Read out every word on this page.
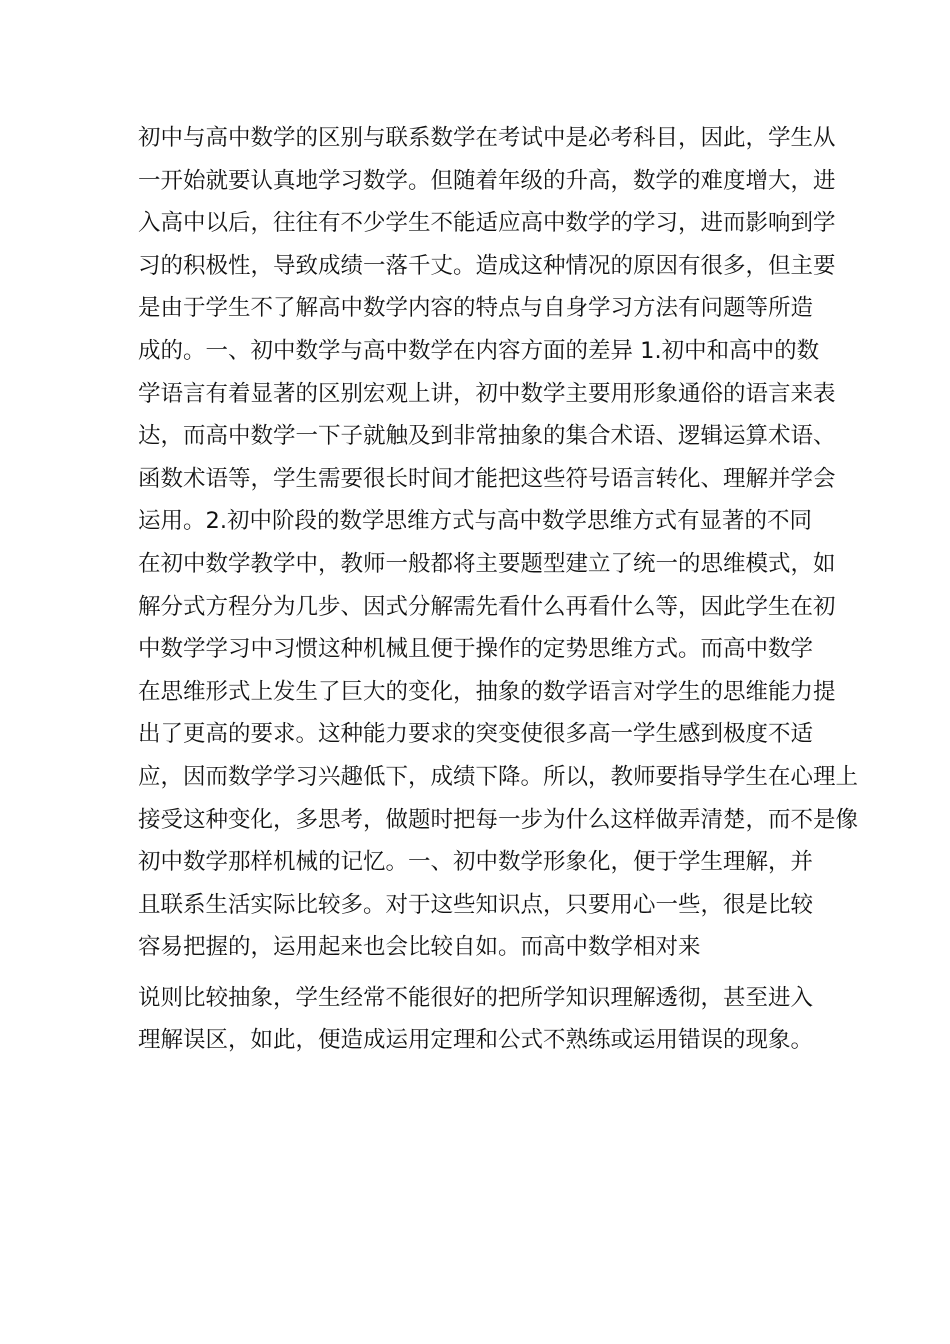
初中与高中数学的区别与联系数学在考试中是必考科目，因此，学生从
一开始就要认真地学习数学。但随着年级的升高，数学的难度增大，进
入高中以后，往往有不少学生不能适应高中数学的学习，进而影响到学
习的积极性，导致成绩一落千丈。造成这种情况的原因有很多，但主要
是由于学生不了解高中数学内容的特点与自身学习方法有问题等所造
成的。一、初中数学与高中数学在内容方面的差异 1.初中和高中的数
学语言有着显著的区别宏观上讲，初中数学主要用形象通俗的语言来表
达，而高中数学一下子就触及到非常抽象的集合术语、逻辑运算术语、
函数术语等，学生需要很长时间才能把这些符号语言转化、理解并学会
运用。2.初中阶段的数学思维方式与高中数学思维方式有显著的不同
在初中数学教学中，教师一般都将主要题型建立了统一的思维模式，如
解分式方程分为几步、因式分解需先看什么再看什么等，因此学生在初
中数学学习中习惯这种机械且便于操作的定势思维方式。而高中数学
在思维形式上发生了巨大的变化，抽象的数学语言对学生的思维能力提
出了更高的要求。这种能力要求的突变使很多高一学生感到极度不适
应，因而数学学习兴趣低下，成绩下降。所以，教师要指导学生在心理上
接受这种变化，多思考，做题时把每一步为什么这样做弄清楚，而不是像
初中数学那样机械的记忆。一、初中数学形象化，便于学生理解，并
且联系生活实际比较多。对于这些知识点，只要用心一些，很是比较
容易把握的，运用起来也会比较自如。而高中数学相对来
说则比较抽象，学生经常不能很好的把所学知识理解透彻，甚至进入
理解误区，如此，便造成运用定理和公式不熟练或运用错误的现象。
